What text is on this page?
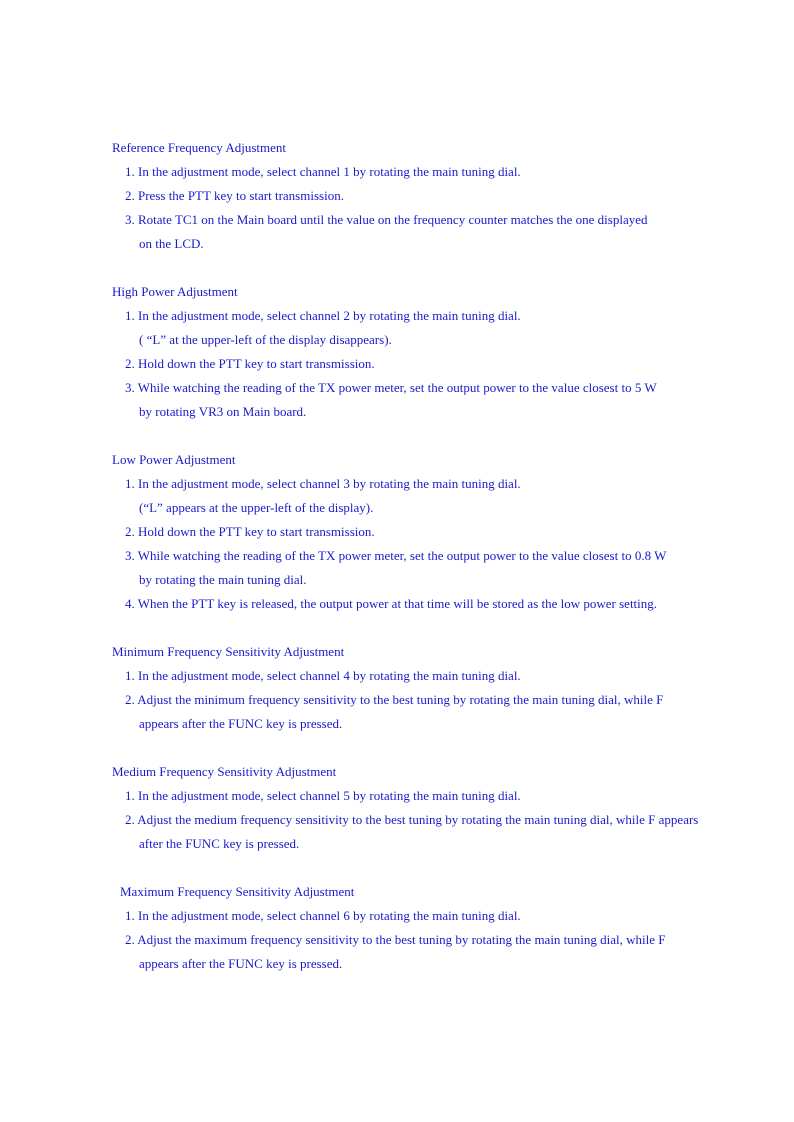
Reference Frequency Adjustment
1. In the adjustment mode, select channel 1 by rotating the main tuning dial.
2. Press the PTT key to start transmission.
3. Rotate TC1 on the Main board until the value on the frequency counter matches the one displayed
on the LCD.
High Power Adjustment
1. In the adjustment mode, select channel 2 by rotating the main tuning dial.
( “L” at the upper-left of the display disappears).
2. Hold down the PTT key to start transmission.
3. While watching the reading of the TX power meter, set the output power to the value closest to 5 W
by rotating VR3 on Main board.
Low Power Adjustment
1. In the adjustment mode, select channel 3 by rotating the main tuning dial.
(“L” appears at the upper-left of the display).
2. Hold down the PTT key to start transmission.
3. While watching the reading of the TX power meter, set the output power to the value closest to 0.8 W
by rotating the main tuning dial.
4. When the PTT key is released, the output power at that time will be stored as the low power setting.
Minimum Frequency Sensitivity Adjustment
1. In the adjustment mode, select channel 4 by rotating the main tuning dial.
2. Adjust the minimum frequency sensitivity to the best tuning by rotating the main tuning dial, while F
appears after the FUNC key is pressed.
Medium Frequency Sensitivity Adjustment
1. In the adjustment mode, select channel 5 by rotating the main tuning dial.
2. Adjust the medium frequency sensitivity to the best tuning by rotating the main tuning dial, while F appears
after the FUNC key is pressed.
Maximum Frequency Sensitivity Adjustment
1. In the adjustment mode, select channel 6 by rotating the main tuning dial.
2. Adjust the maximum frequency sensitivity to the best tuning by rotating the main tuning dial, while F
appears after the FUNC key is pressed.
